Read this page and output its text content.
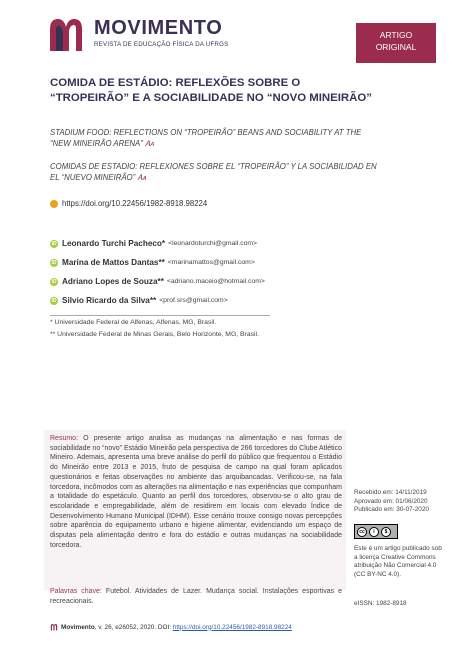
MOVIMENTO
REVISTA DE EDUCAÇÃO FÍSICA DA UFRGS
ARTIGO
ORIGINAL
COMIDA DE ESTÁDIO: REFLEXÕES SOBRE O “TROPEIRÃO” E A SOCIABILIDADE NO “NOVO MINEIRÃO”
STADIUM FOOD: REFLECTIONS ON “TROPEIRÃO” BEANS AND SOCIABILITY AT THE “NEW MINEIRÃO ARENA” 🗛
COMIDAS DE ESTADIO: REFLEXIONES SOBRE EL “TROPEIRÃO” Y LA SOCIABILIDAD EN EL “NUEVO MINEIRÃO” 🗛
https://doi.org/10.22456/1982-8918.98224
iD Leonardo Turchi Pacheco* <leonardoturchi@gmail.com>
iD Marina de Mattos Dantas** <marinamattos@gmail.com>
iD Adriano Lopes de Souza** <adriano.maceio@hotmail.com>
iD Silvio Ricardo da Silva** <prof.srs@gmail.com>
* Universidade Federal de Alfenas, Alfenas, MG, Brasil.
** Universidade Federal de Minas Gerais, Belo Horizonte, MG, Brasil.
Resumo: O presente artigo analisa as mudanças na alimentação e nas formas de sociabilidade no “novo” Estádio Mineirão pela perspectiva de 266 torcedores do Clube Atlético Mineiro. Ademais, apresenta uma breve análise do perfil do público que frequentou o Estádio do Mineirão entre 2013 e 2015, fruto de pesquisa de campo na qual foram aplicados questionários e feitas observações no ambiente das arquibancadas. Verificou-se, na fala torcedora, incômodos com as alterações na alimentação e nas experiências que compunham a totalidade do espetáculo. Quanto ao perfil dos torcedores, observou-se o alto grau de escolaridade e empregabilidade, além de residirem em locais com elevado Índice de Desenvolvimento Humano Municipal (IDHM). Esse cenário trouxe consigo novas percepções sobre aparência do equipamento urbano e higiene alimentar, evidenciando um espaço de disputas pela alimentação dentro e fora do estádio e outras mudanças na sociabilidade torcedora.
Palavras chave: Futebol. Atividades de Lazer. Mudança social. Instalações esportivas e recreacionais.
Recebido em: 14/11/2019
Aprovado em: 01/06/2020
Publicado em: 30-07-2020
cc	i	$
Este é um artigo publicado sob a licença Creative Commons atribuição Não Comercial 4.0 (CC BY-NC 4.0).
eISSN: 1982-8918
Movimento, v. 26, e26052, 2020. DOI: https://doi.org/10.22456/1982-8918.98224
